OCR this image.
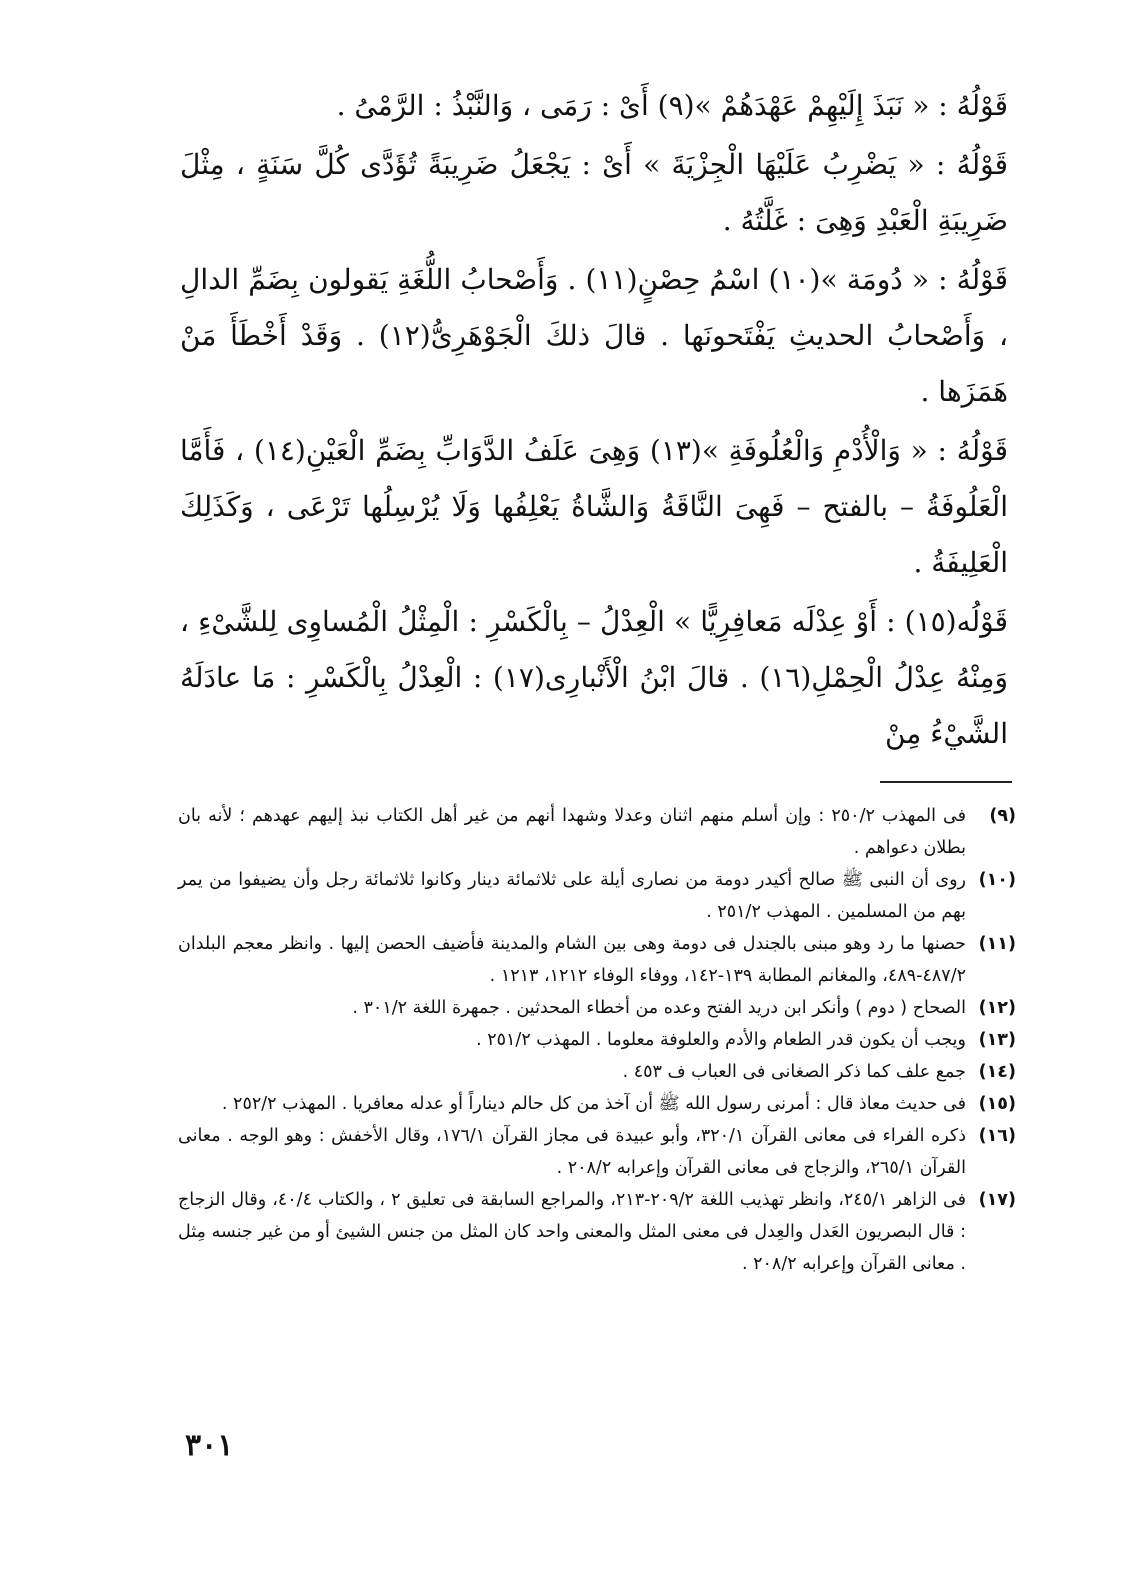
قَوْلُهُ : « نَبَذَ إِلَيْهِمْ عَهْدَهُمْ »(٩) أَىْ : رَمَى ، وَالنَّبْذُ : الرَّمْىُ .

قَوْلُهُ : « يَضْرِبُ عَلَيْهَا الْجِزْيَةَ » أَىْ : يَجْعَلُ ضَرِيبَةً تُؤَدَّى كُلَّ سَنَةٍ ، مِثْلَ ضَرِيبَةِ الْعَبْدِ وَهِىَ : غَلَّتُهُ .

قَوْلُهُ : « دُومَة »(١٠) اسْمُ حِصْنٍ(١١) . وَأَصْحابُ اللُّغَةِ يَقولون بِضَمِّ الدالِ ، وَأَصْحابُ الحديثِ يَفْتَحونَها . قالَ ذلكَ الْجَوْهَرِىُّ(١٢) . وَقَدْ أَخْطَأَ مَنْ هَمَزَها .

قَوْلُهُ : « وَالْأُدْمِ وَالْعُلُوفَةِ »(١٣) وَهِىَ عَلَفُ الدَّوَابِّ بِضَمِّ الْعَيْنِ(١٤) ، فَأَمَّا الْعَلُوفَةُ – بالفتح – فَهِىَ النَّاقَةُ وَالشَّاةُ يَعْلِفُها وَلَا يُرْسِلُها تَرْعَى ، وَكَذَلِكَ الْعَلِيفَةُ .

قَوْلُه(١٥) : أَوْ عِدْلَه مَعافِرِيًّا » الْعِدْلُ – بِالْكَسْرِ : الْمِثْلُ الْمُساوِى لِلشَّىْءِ ، وَمِنْهُ عِدْلُ الْحِمْلِ(١٦) . قالَ ابْنُ الْأَنْبارِى(١٧) : الْعِدْلُ بِالْكَسْرِ : مَا عادَلَهُ الشَّيْءُ مِنْ

(٩)
فى المهذب ٢٥٠/٢ : وإن أسلم منهم اثنان وعدلا وشهدا أنهم من غير أهل الكتاب نبذ إليهم عهدهم ؛ لأنه بان بطلان دعواهم .
(١٠)
روى أن النبى ﷺ صالح أكيدر دومة من نصارى أيلة على ثلاثمائة دينار وكانوا ثلاثمائة رجل وأن يضيفوا من يمر بهم من المسلمين . المهذب ٢٥١/٢ .
(١١)
حصنها ما رد وهو مبنى بالجندل فى دومة وهى بين الشام والمدينة فأضيف الحصن إليها . وانظر معجم البلدان ٤٨٧/٢-٤٨٩، والمغانم المطابة ١٣٩-١٤٢، ووفاء الوفاء ١٢١٢، ١٢١٣ .
(١٢)
الصحاح ( دوم ) وأنكر ابن دريد الفتح وعده من أخطاء المحدثين . جمهرة اللغة ٣٠١/٢ .
(١٣)
ويجب أن يكون قدر الطعام والأدم والعلوفة معلوما . المهذب ٢٥١/٢ .
(١٤)
جمع علف كما ذكر الصغانى فى العباب ف ٤٥٣ .
(١٥)
فى حديث معاذ قال : أمرنى رسول الله ﷺ أن آخذ من كل حالم ديناراً أو عدله معافريا . المهذب ٢٥٢/٢ .
(١٦)
ذكره الفراء فى معانى القرآن ٣٢٠/١، وأبو عبيدة فى مجاز القرآن ١٧٦/١، وقال الأخفش : وهو الوجه . معانى القرآن ٢٦٥/١، والزجاج فى معانى القرآن وإعرابه ٢٠٨/٢ .
(١٧)
فى الزاهر ٢٤٥/١، وانظر تهذيب اللغة ٢٠٩/٢-٢١٣، والمراجع السابقة فى تعليق ٢ ، والكتاب ٤٠/٤، وقال الزجاج : قال البصريون العَدل والعِدل فى معنى المثل والمعنى واحد كان المثل من جنس الشيئ أو من غير جنسه مِثل . معانى القرآن وإعرابه ٢٠٨/٢ .
٣٠١
